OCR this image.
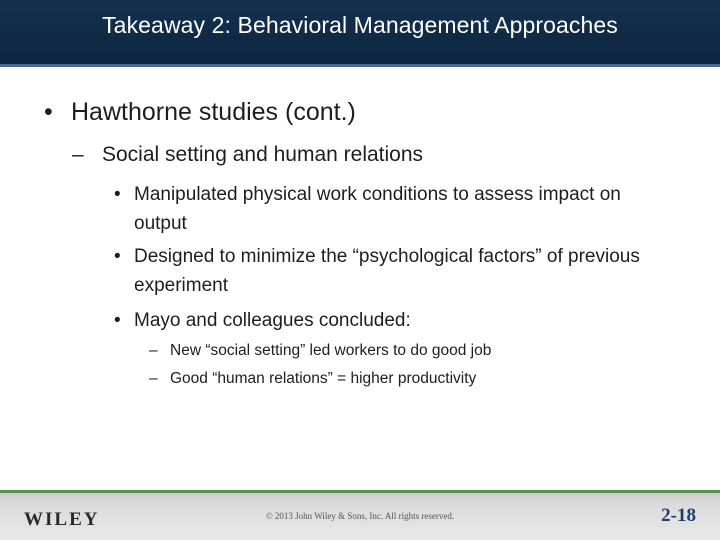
Takeaway 2: Behavioral Management Approaches
• Hawthorne studies (cont.)
– Social setting and human relations
• Manipulated physical work conditions to assess impact on output
• Designed to minimize the “psychological factors” of previous experiment
• Mayo and colleagues concluded:
– New “social setting” led workers to do good job
– Good “human relations” = higher productivity
WILEY	© 2013 John Wiley & Sons, Inc. All rights reserved.	2-18
